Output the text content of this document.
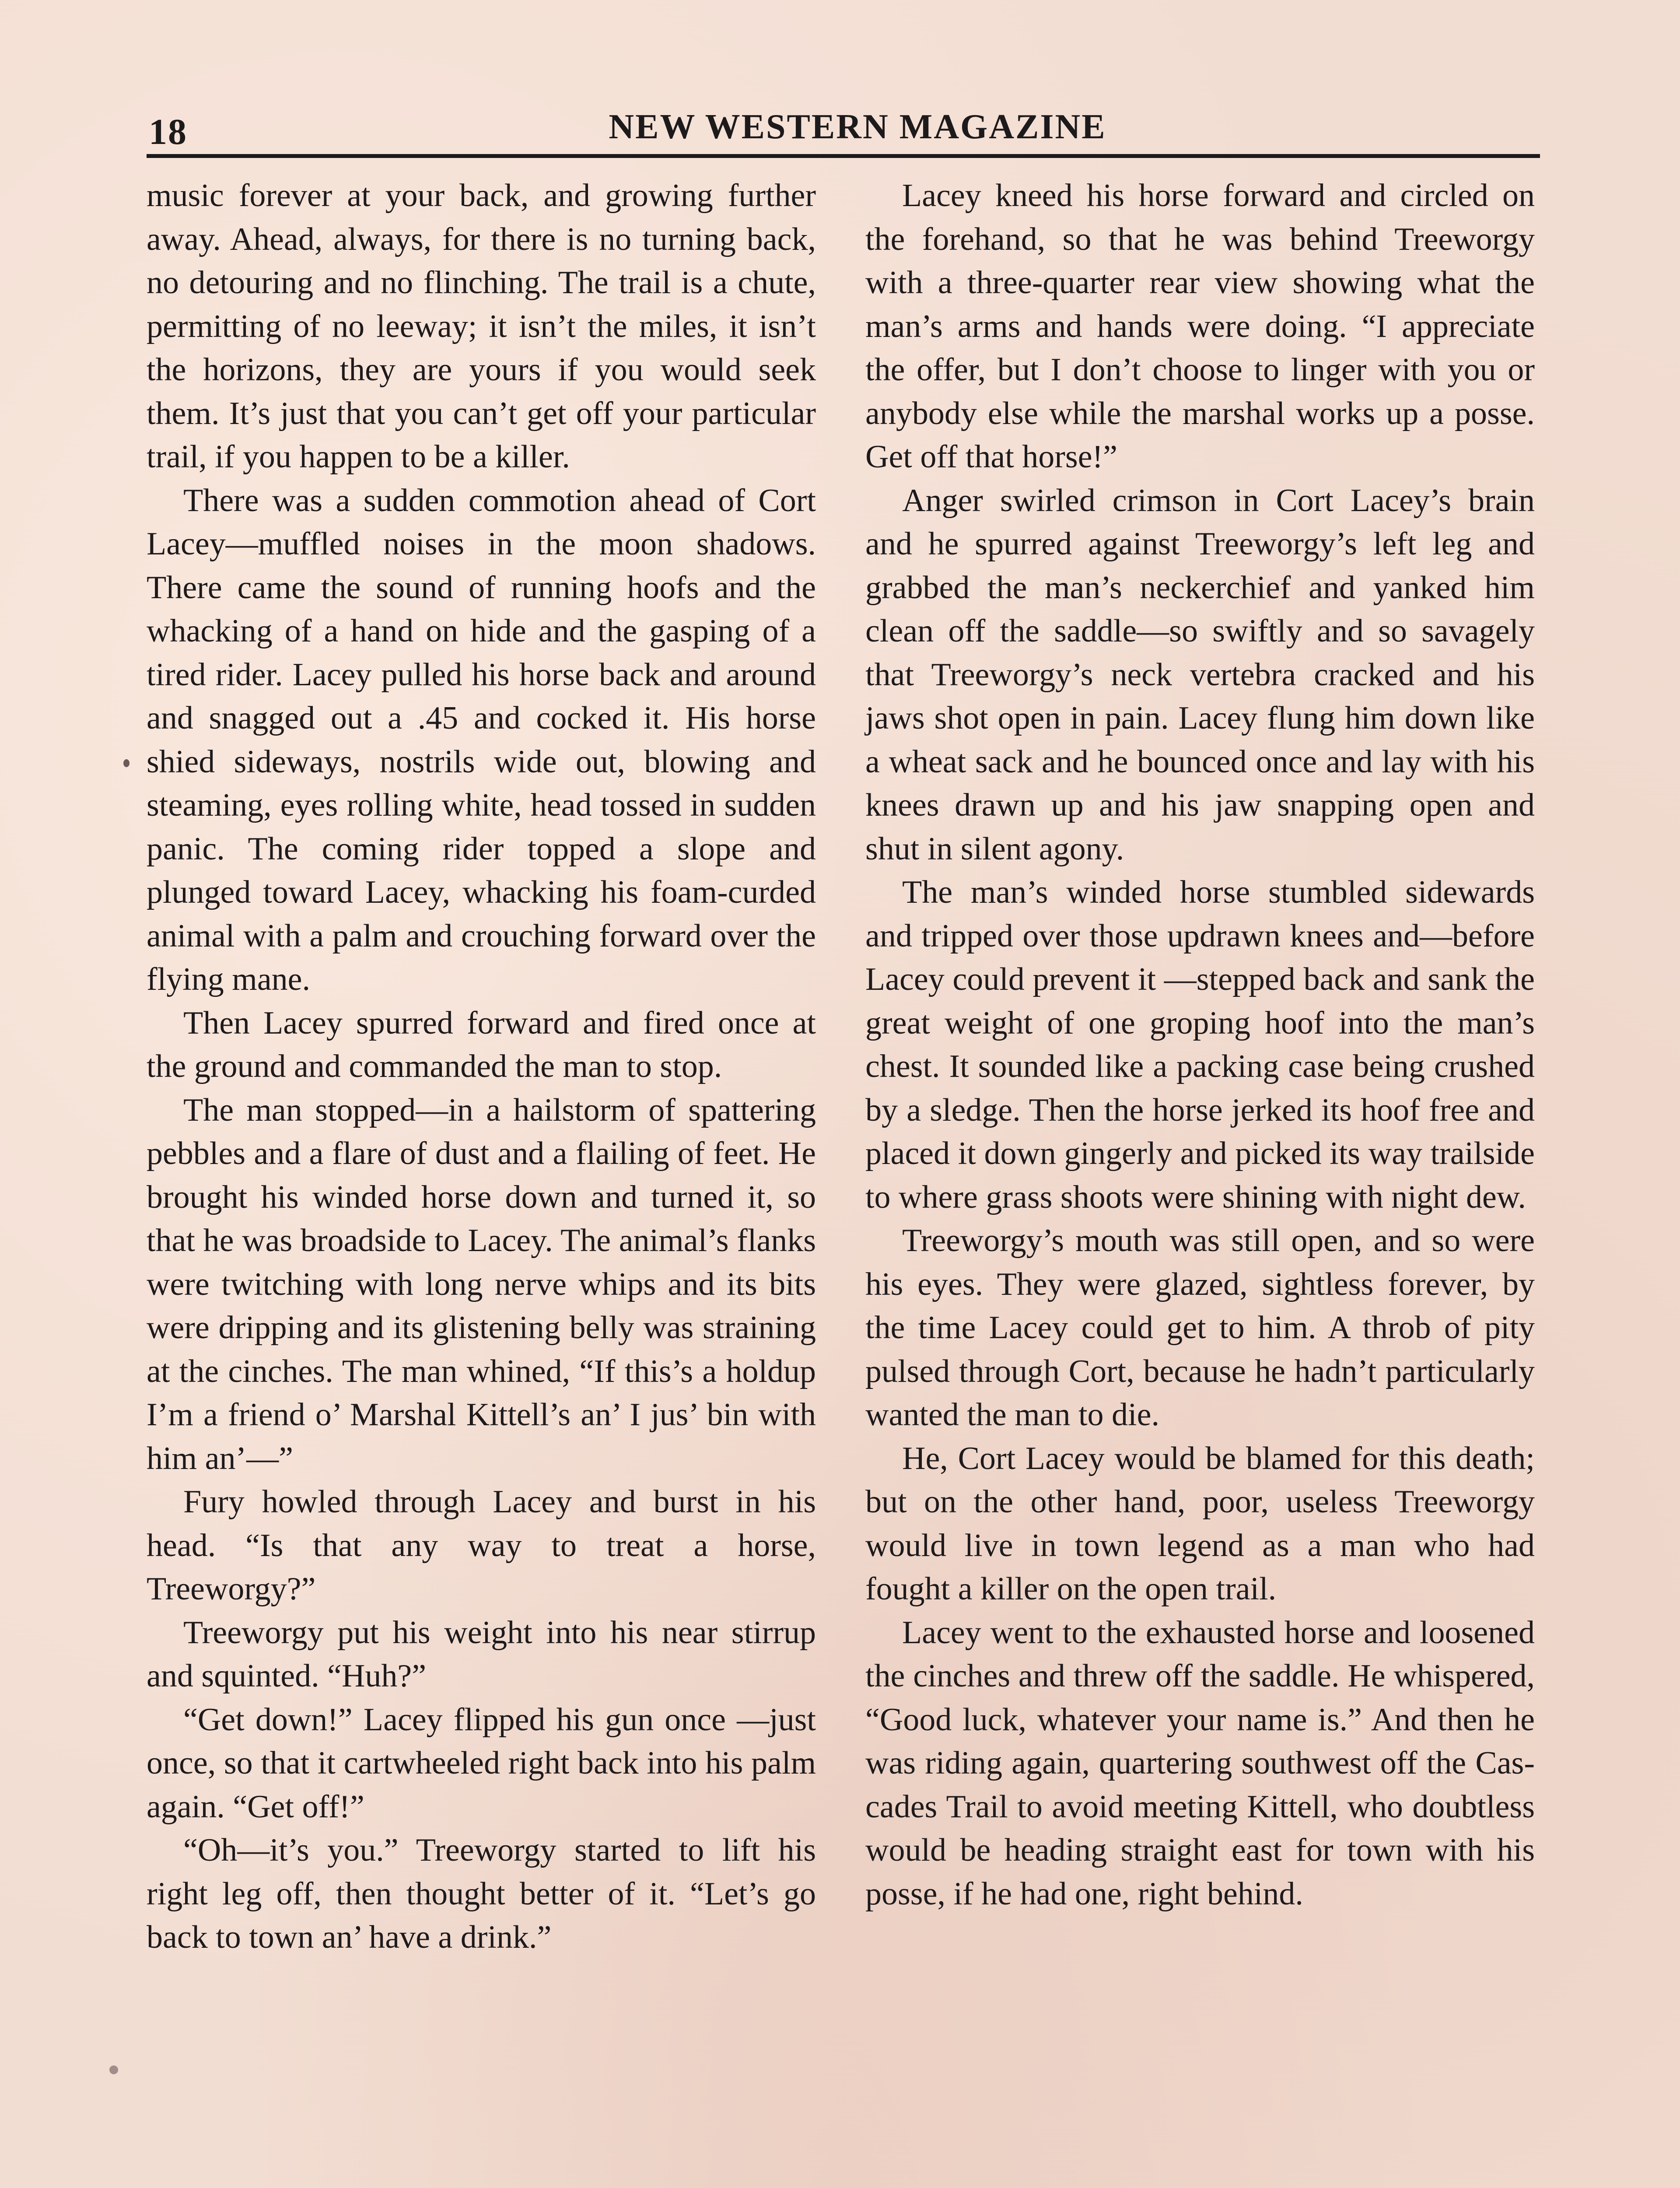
18	NEW WESTERN MAGAZINE

music forever at your back, and growing further away. Ahead, always, for there is no turning back, no detouring and no flinching. The trail is a chute, permitting of no leeway; it isn’t the miles, it isn’t the horizons, they are yours if you would seek them. It’s just that you can’t get off your particular trail, if you happen to be a killer.

There was a sudden commotion ahead of Cort Lacey—muffled noises in the moon shadows. There came the sound of running hoofs and the whacking of a hand on hide and the gasping of a tired rider. Lacey pulled his horse back and around and snagged out a .45 and cocked it. His horse shied sideways, nostrils wide out, blowing and steaming, eyes rolling white, head tossed in sudden panic. The coming rider topped a slope and plunged toward Lacey, whacking his foam-curded animal with a palm and crouching forward over the flying mane.

Then Lacey spurred forward and fired once at the ground and commanded the man to stop.

The man stopped—in a hailstorm of spattering pebbles and a flare of dust and a flailing of feet. He brought his winded horse down and turned it, so that he was broadside to Lacey. The animal’s flanks were twitching with long nerve whips and its bits were dripping and its glistening belly was straining at the cinches. The man whined, “If this’s a holdup I’m a friend o’ Marshal Kittell’s an’ I jus’ bin with him an’—”

Fury howled through Lacey and burst in his head. “Is that any way to treat a horse, Treeworgy?”

Treeworgy put his weight into his near stirrup and squinted. “Huh?”

“Get down!” Lacey flipped his gun once —just once, so that it cartwheeled right back into his palm again. “Get off!”

“Oh—it’s you.” Treeworgy started to lift his right leg off, then thought better of it. “Let’s go back to town an’ have a drink.”

Lacey kneed his horse forward and circled on the forehand, so that he was behind Treeworgy with a three-quarter rear view showing what the man’s arms and hands were doing. “I appreciate the offer, but I don’t choose to linger with you or anybody else while the marshal works up a posse. Get off that horse!”

Anger swirled crimson in Cort Lacey’s brain and he spurred against Treeworgy’s left leg and grabbed the man’s neckerchief and yanked him clean off the saddle—so swiftly and so savagely that Treeworgy’s neck vertebra cracked and his jaws shot open in pain. Lacey flung him down like a wheat sack and he bounced once and lay with his knees drawn up and his jaw snapping open and shut in silent agony.

The man’s winded horse stumbled sidewards and tripped over those updrawn knees and—before Lacey could prevent it —stepped back and sank the great weight of one groping hoof into the man’s chest. It sounded like a packing case being crushed by a sledge. Then the horse jerked its hoof free and placed it down gingerly and picked its way trailside to where grass shoots were shining with night dew.

Treeworgy’s mouth was still open, and so were his eyes. They were glazed, sightless forever, by the time Lacey could get to him. A throb of pity pulsed through Cort, because he hadn’t particularly wanted the man to die.

He, Cort Lacey would be blamed for this death; but on the other hand, poor, useless Treeworgy would live in town legend as a man who had fought a killer on the open trail.

Lacey went to the exhausted horse and loosened the cinches and threw off the saddle. He whispered, “Good luck, whatever your name is.” And then he was riding again, quartering southwest off the Cascades Trail to avoid meeting Kittell, who doubtless would be heading straight east for town with his posse, if he had one, right behind.
